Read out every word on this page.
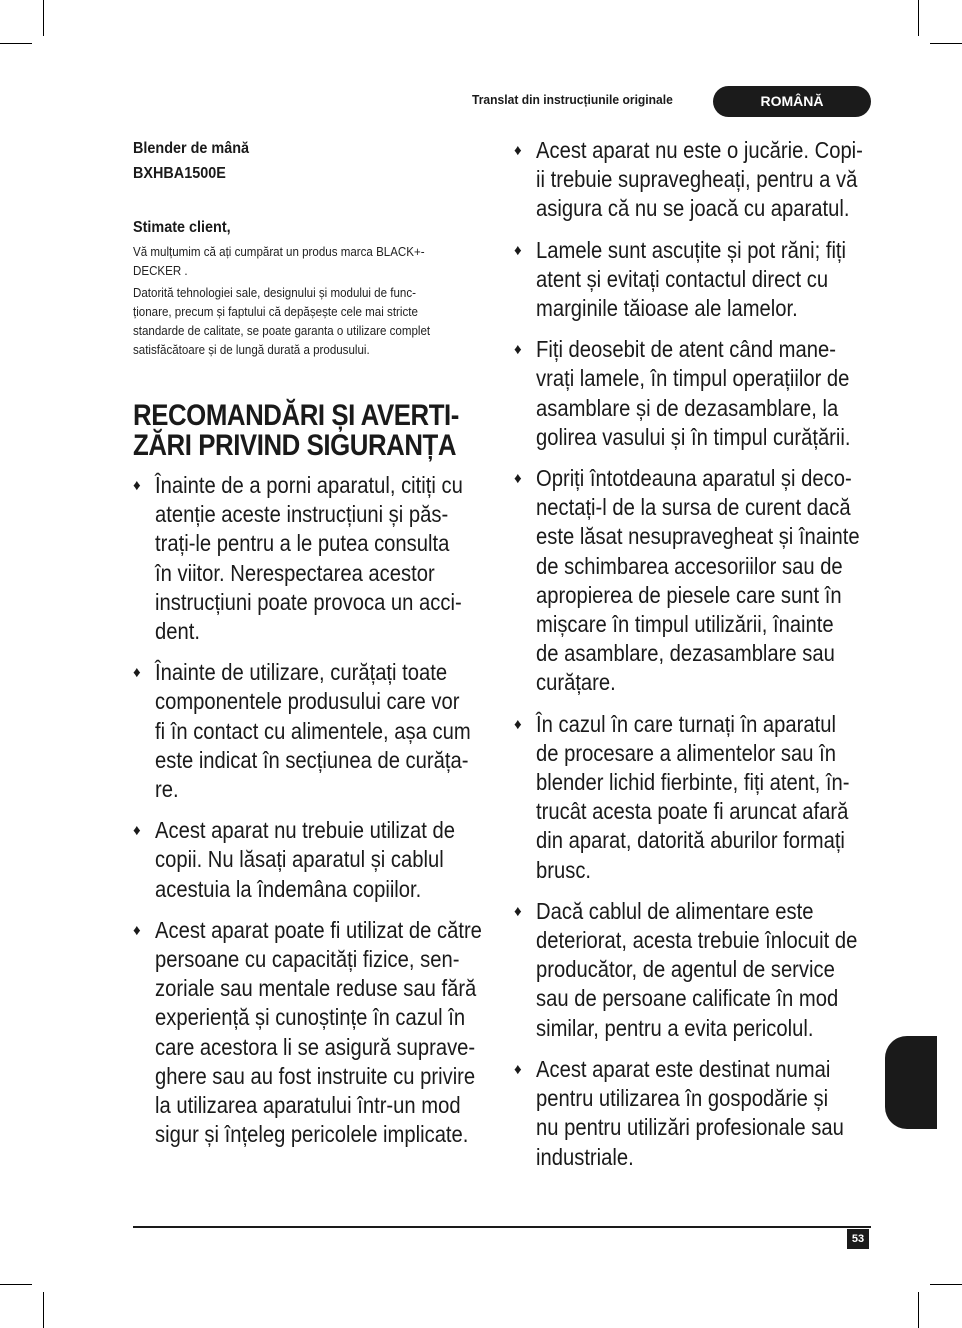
Translat din instrucțiunile originale	ROMÂNĂ

Blender de mână

BXHBA1500E

Stimate client,

Vă mulțumim că ați cumpărat un produs marca BLACK+-
DECKER .

Datorită tehnologiei sale, designului și modului de func-
ționare, precum și faptului că depășește cele mai stricte
standarde de calitate, se poate garanta o utilizare complet
satisfăcătoare și de lungă durată a produsului.

RECOMANDĂRI ȘI AVERTI-
ZĂRI PRIVIND SIGURANȚA
♦ Înainte de a porni aparatul, citiți cu
atenție aceste instrucțiuni și păs-
trați-le pentru a le putea consulta
în viitor. Nerespectarea acestor
instrucțiuni poate provoca un acci-
dent.
♦ Înainte de utilizare, curățați toate
componentele produsului care vor
fi în contact cu alimentele, așa cum
este indicat în secțiunea de curăța-
re.
♦ Acest aparat nu trebuie utilizat de
copii. Nu lăsați aparatul și cablul
acestuia la îndemâna copiilor.
♦ Acest aparat poate fi utilizat de către
persoane cu capacități fizice, sen-
zoriale sau mentale reduse sau fără
experiență și cunoștințe în cazul în
care acestora li se asigură suprave-
ghere sau au fost instruite cu privire
la utilizarea aparatului într-un mod
sigur și înțeleg pericolele implicate.
♦ Acest aparat nu este o jucărie. Copi-
ii trebuie supravegheați, pentru a vă
asigura că nu se joacă cu aparatul.
♦ Lamele sunt ascuțite și pot răni; fiți
atent și evitați contactul direct cu
marginile tăioase ale lamelor.
♦ Fiți deosebit de atent când mane-
vrați lamele, în timpul operațiilor de
asamblare și de dezasamblare, la
golirea vasului și în timpul curățării.
♦ Opriți întotdeauna aparatul și deco-
nectați-l de la sursa de curent dacă
este lăsat nesupravegheat și înainte
de schimbarea accesoriilor sau de
apropierea de piesele care sunt în
mișcare în timpul utilizării, înainte
de asamblare, dezasamblare sau
curățare.
♦ În cazul în care turnați în aparatul
de procesare a alimentelor sau în
blender lichid fierbinte, fiți atent, în-
trucât acesta poate fi aruncat afară
din aparat, datorită aburilor formați
brusc.
♦ Dacă cablul de alimentare este
deteriorat, acesta trebuie înlocuit de
producător, de agentul de service
sau de persoane calificate în mod
similar, pentru a evita pericolul.
♦ Acest aparat este destinat numai
pentru utilizarea în gospodărie și
nu pentru utilizări profesionale sau
industriale.
53
